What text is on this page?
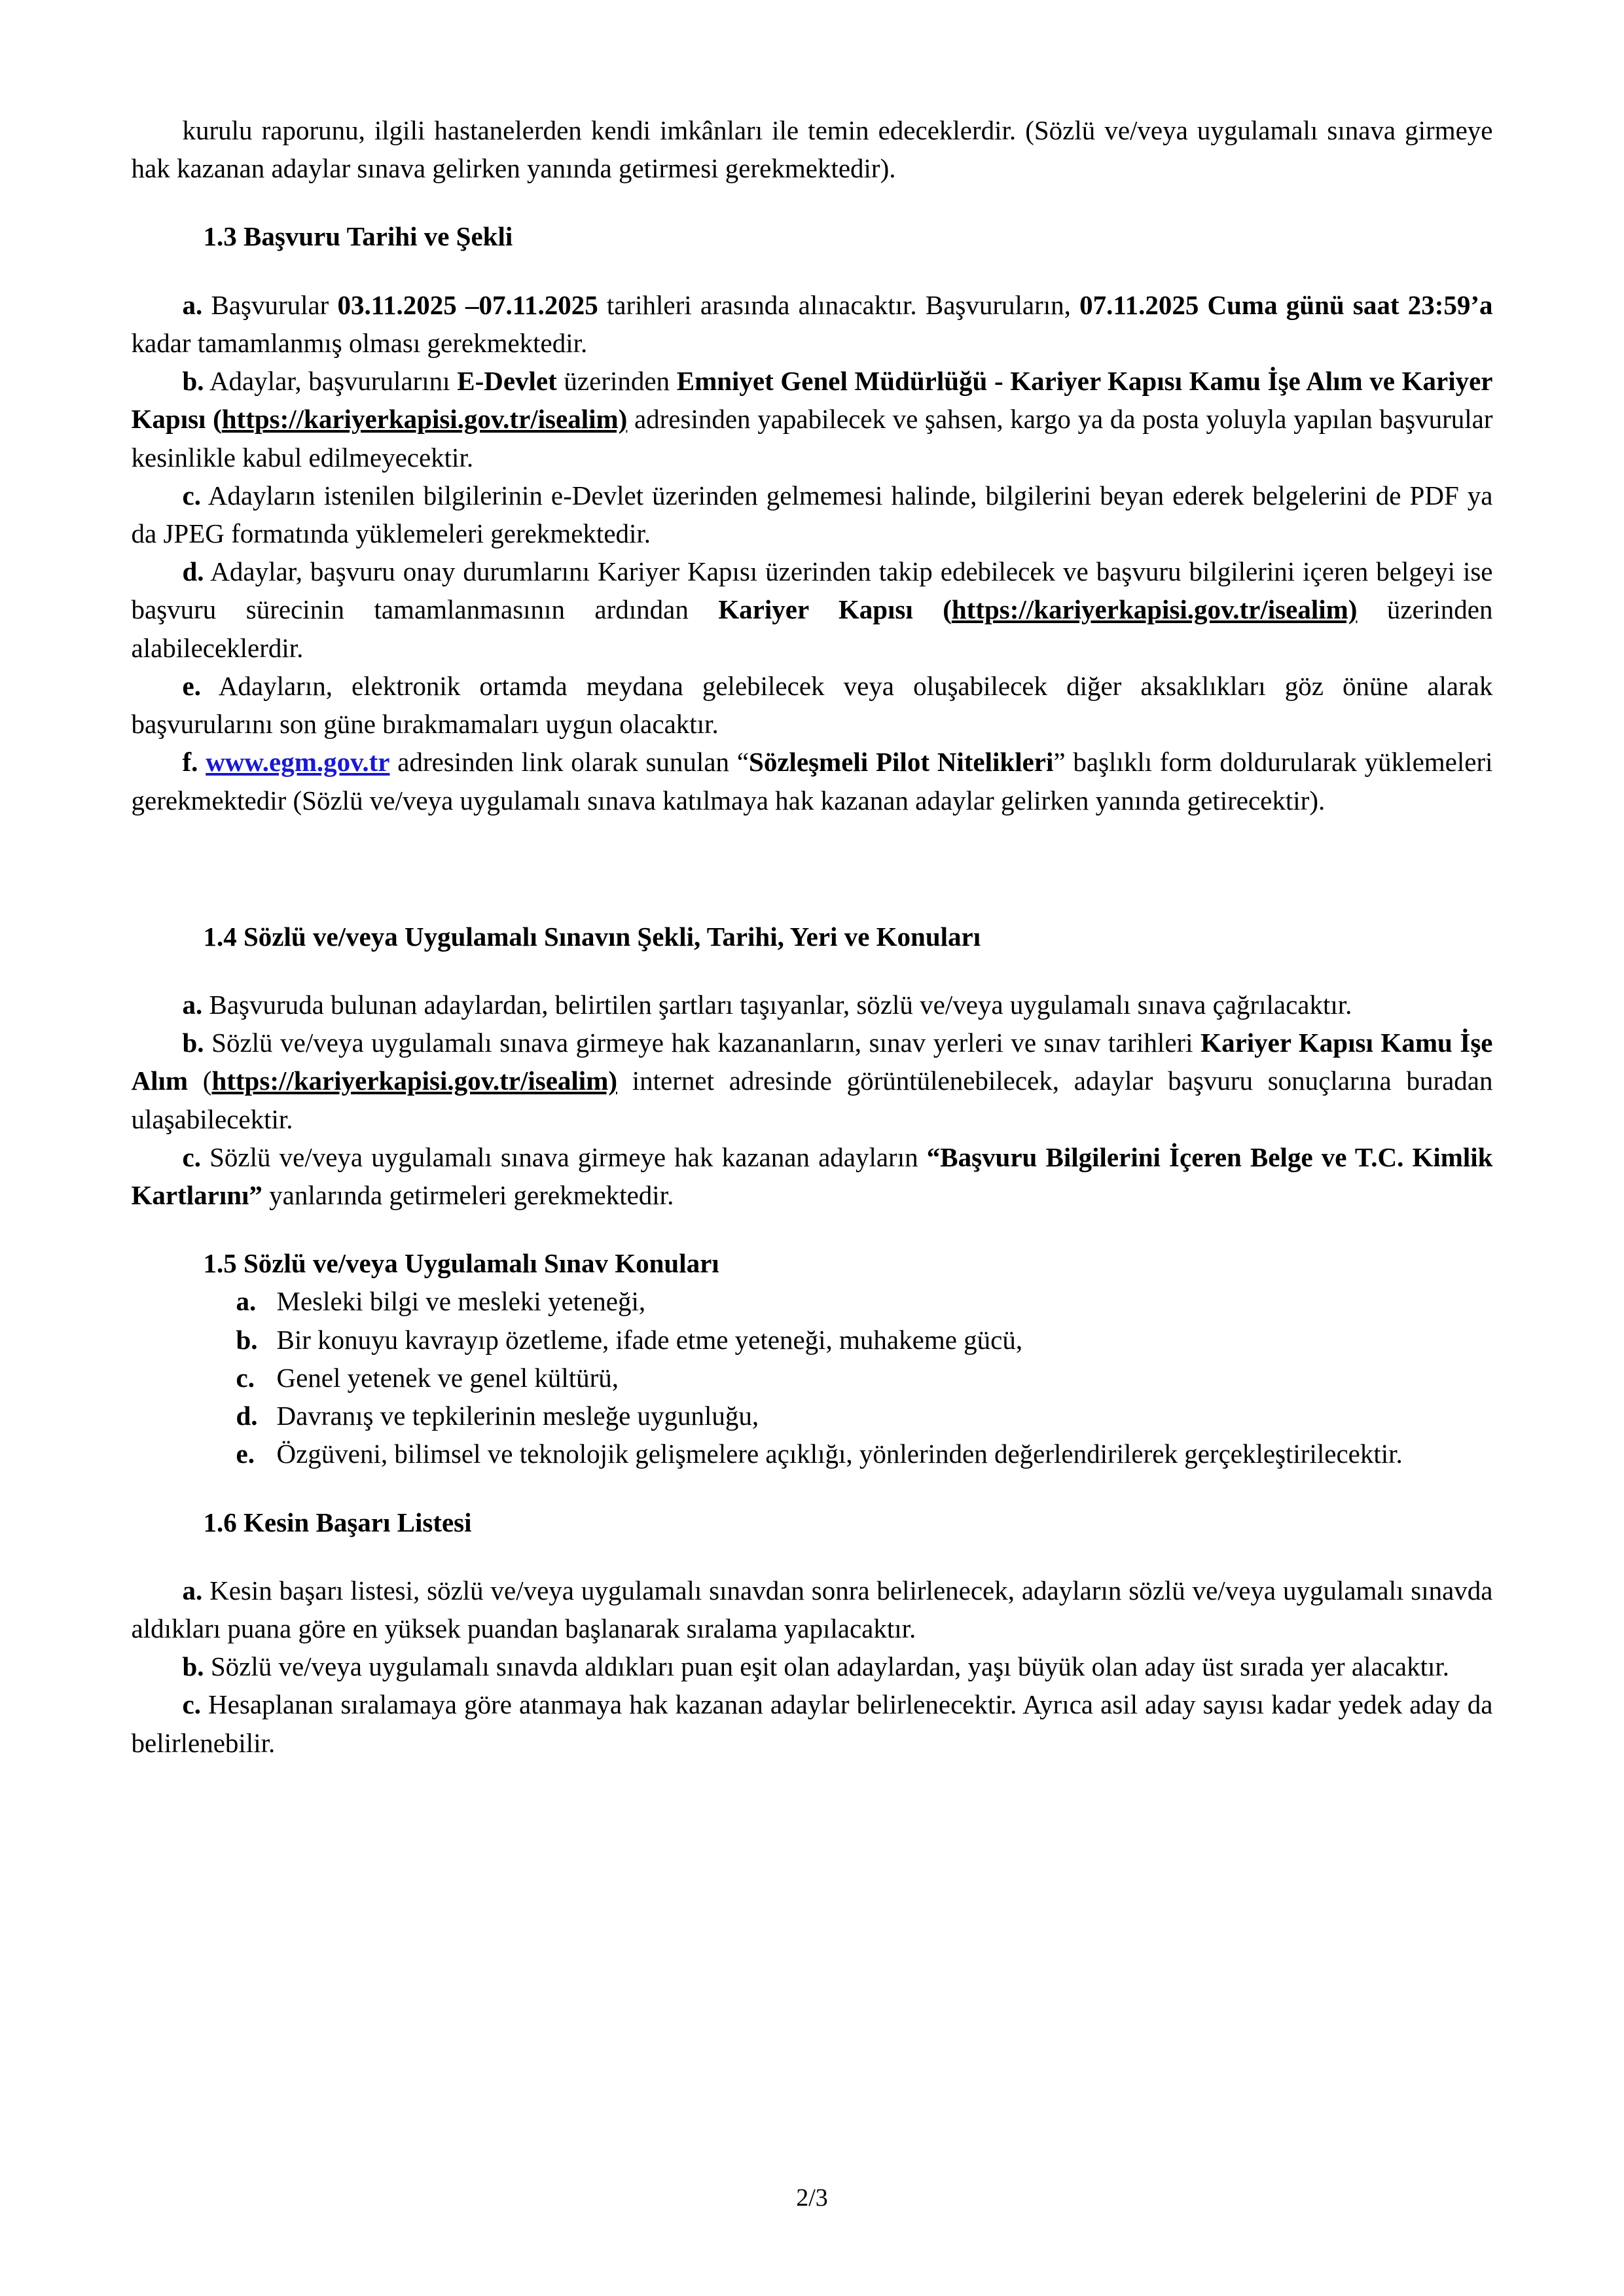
kurulu raporunu, ilgili hastanelerden kendi imkânları ile temin edeceklerdir. (Sözlü ve/veya uygulamalı sınava girmeye hak kazanan adaylar sınava gelirken yanında getirmesi gerekmektedir).

1.3 Başvuru Tarihi ve Şekli

a. Başvurular 03.11.2025 –07.11.2025 tarihleri arasında alınacaktır. Başvuruların, 07.11.2025 Cuma günü saat 23:59’a kadar tamamlanmış olması gerekmektedir.

b. Adaylar, başvurularını E-Devlet üzerinden Emniyet Genel Müdürlüğü - Kariyer Kapısı Kamu İşe Alım ve Kariyer Kapısı (https://kariyerkapisi.gov.tr/isealim) adresinden yapabilecek ve şahsen, kargo ya da posta yoluyla yapılan başvurular kesinlikle kabul edilmeyecektir.

c. Adayların istenilen bilgilerinin e-Devlet üzerinden gelmemesi halinde, bilgilerini beyan ederek belgelerini de PDF ya da JPEG formatında yüklemeleri gerekmektedir.

d. Adaylar, başvuru onay durumlarını Kariyer Kapısı üzerinden takip edebilecek ve başvuru bilgilerini içeren belgeyi ise başvuru sürecinin tamamlanmasının ardından Kariyer Kapısı (https://kariyerkapisi.gov.tr/isealim) üzerinden alabileceklerdir.

e. Adayların, elektronik ortamda meydana gelebilecek veya oluşabilecek diğer aksaklıkları göz önüne alarak başvurularını son güne bırakmamaları uygun olacaktır.

f. www.egm.gov.tr adresinden link olarak sunulan “Sözleşmeli Pilot Nitelikleri” başlıklı form doldurularak yüklemeleri gerekmektedir (Sözlü ve/veya uygulamalı sınava katılmaya hak kazanan adaylar gelirken yanında getirecektir).

1.4 Sözlü ve/veya Uygulamalı Sınavın Şekli, Tarihi, Yeri ve Konuları

a. Başvuruda bulunan adaylardan, belirtilen şartları taşıyanlar, sözlü ve/veya uygulamalı sınava çağrılacaktır.

b. Sözlü ve/veya uygulamalı sınava girmeye hak kazananların, sınav yerleri ve sınav tarihleri Kariyer Kapısı Kamu İşe Alım (https://kariyerkapisi.gov.tr/isealim) internet adresinde görüntülenebilecek, adaylar başvuru sonuçlarına buradan ulaşabilecektir.

c. Sözlü ve/veya uygulamalı sınava girmeye hak kazanan adayların “Başvuru Bilgilerini İçeren Belge ve T.C. Kimlik Kartlarını” yanlarında getirmeleri gerekmektedir.

1.5 Sözlü ve/veya Uygulamalı Sınav Konuları

a. Mesleki bilgi ve mesleki yeteneği,
b. Bir konuyu kavrayıp özetleme, ifade etme yeteneği, muhakeme gücü,
c. Genel yetenek ve genel kültürü,
d. Davranış ve tepkilerinin mesleğe uygunluğu,
e. Özgüveni, bilimsel ve teknolojik gelişmelere açıklığı, yönlerinden değerlendirilerek gerçekleştirilecektir.

1.6 Kesin Başarı Listesi

a. Kesin başarı listesi, sözlü ve/veya uygulamalı sınavdan sonra belirlenecek, adayların sözlü ve/veya uygulamalı sınavda aldıkları puana göre en yüksek puandan başlanarak sıralama yapılacaktır.

b. Sözlü ve/veya uygulamalı sınavda aldıkları puan eşit olan adaylardan, yaşı büyük olan aday üst sırada yer alacaktır.

c. Hesaplanan sıralamaya göre atanmaya hak kazanan adaylar belirlenecektir. Ayrıca asil aday sayısı kadar yedek aday da belirlenebilir.

2/3
